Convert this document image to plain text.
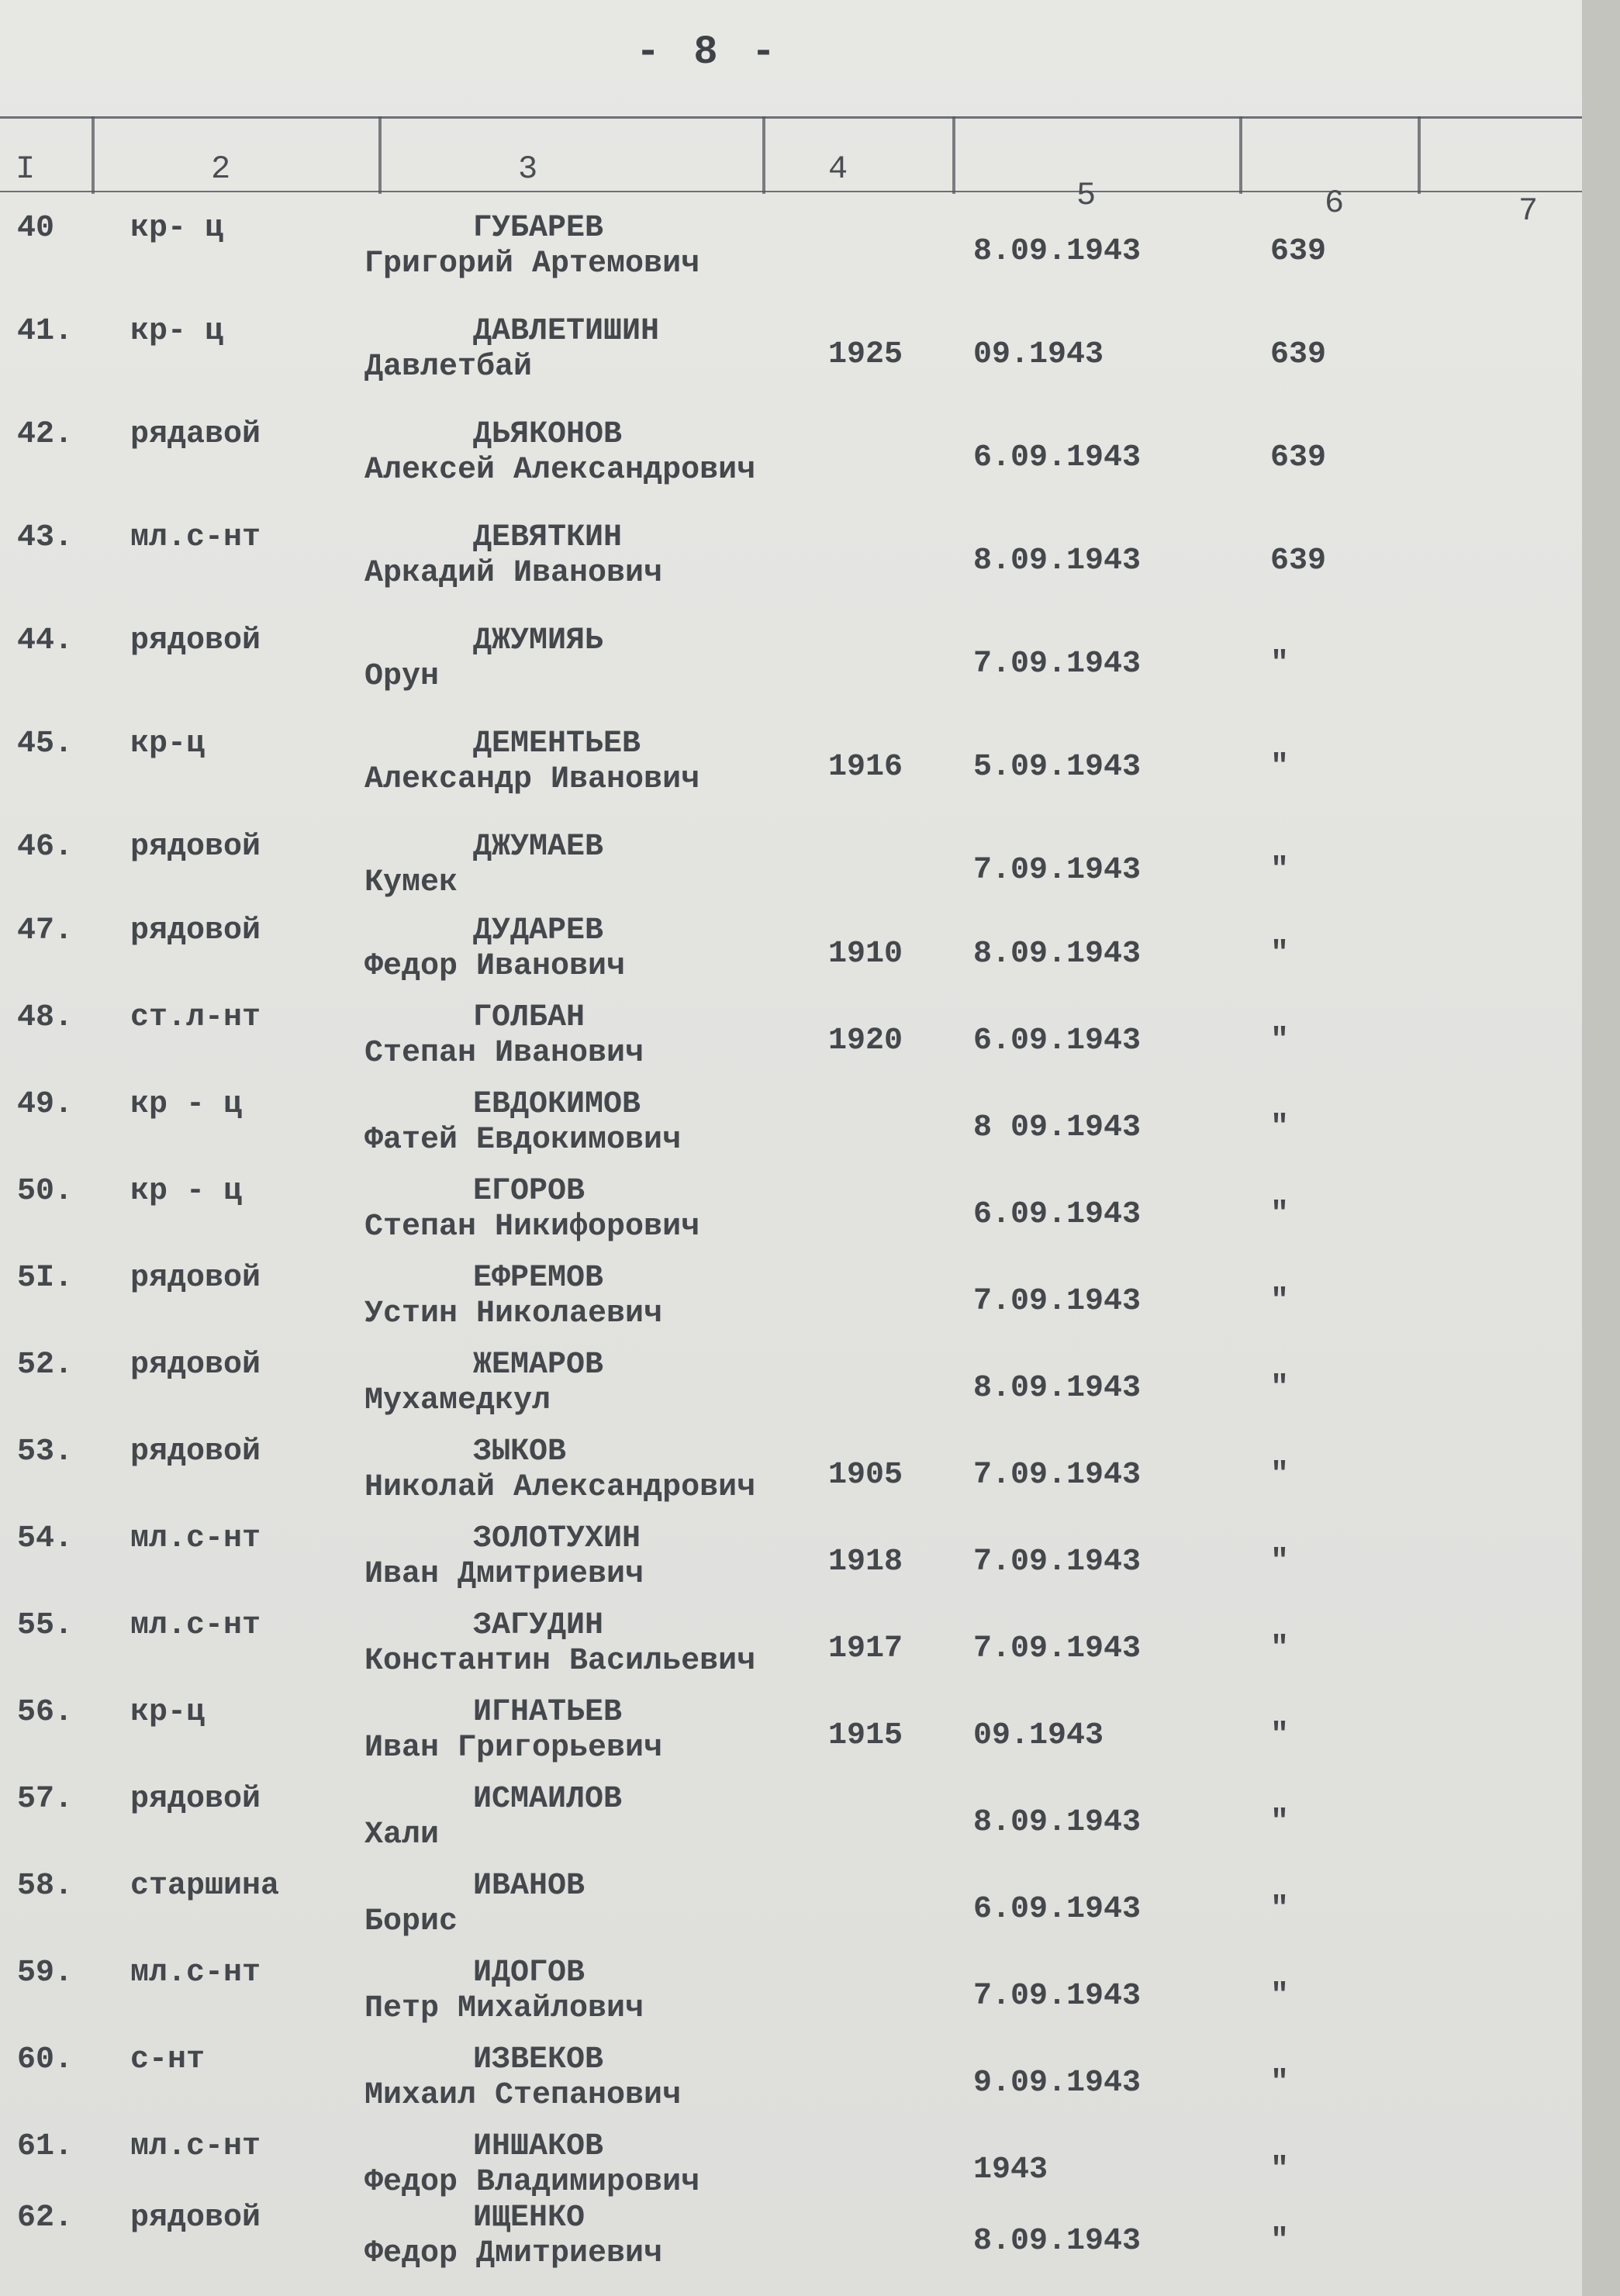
- 8 -
I	2	3	4
5	6	7
40 кр- ц	ГУБАРЕВ
Григорий Артемович	8.09.1943	639
41. кр- ц	ДАВЛЕТИШИН
Давлетбай	1925 09.1943	639
42. рядавой	ДЬЯКОНОВ
Алексей Александрович	6.09.1943	639
43. мл.с-нт	ДЕВЯТКИН
Аркадий Иванович	8.09.1943	639
44. рядовой	ДЖУМИЯЬ
Орун	7.09.1943	"
45. кр-ц	ДЕМЕНТЬЕВ
Александр Иванович	1916 5.09.1943	"
46. рядовой	ДЖУМАЕВ
Кумек	7.09.1943	"
47. рядовой	ДУДАРЕВ
Федор Иванович	1910 8.09.1943	"
48. ст.л-нт	ГОЛБАН
Степан Иванович	1920 6.09.1943	"
49. кр - ц	ЕВДОКИМОВ
Фатей Евдокимович	8 09.1943	"
50. кр - ц	ЕГОРОВ
Степан Никифорович	6.09.1943	"
5I. рядовой	ЕФРЕМОВ
Устин Николаевич	7.09.1943	"
52. рядовой	ЖЕМАРОВ
Мухамедкул	8.09.1943	"
53. рядовой	ЗЫКОВ
Николай Александрович 1905 7.09.1943	"
54. мл.с-нт	ЗОЛОТУХИН
Иван Дмитриевич	1918 7.09.1943	"
55. мл.с-нт	ЗАГУДИН
Константин Васильевич 1917 7.09.1943	"
56. кр-ц	ИГНАТЬЕВ
Иван Григорьевич	1915 09.1943	"
57. рядовой	ИСМАИЛОВ
Хали	8.09.1943	"
58. старшина	ИВАНОВ
Борис	6.09.1943	"
59. мл.с-нт	ИДОГОВ
Петр Михайлович	7.09.1943	"
60. с-нт	ИЗВЕКОВ
Михаил Степанович	9.09.1943	"
61. мл.с-нт	ИНШАКОВ
Федор Владимирович	1943	"
62. рядовой	ИЩЕНКО
Федор Дмитриевич	8.09.1943	"
